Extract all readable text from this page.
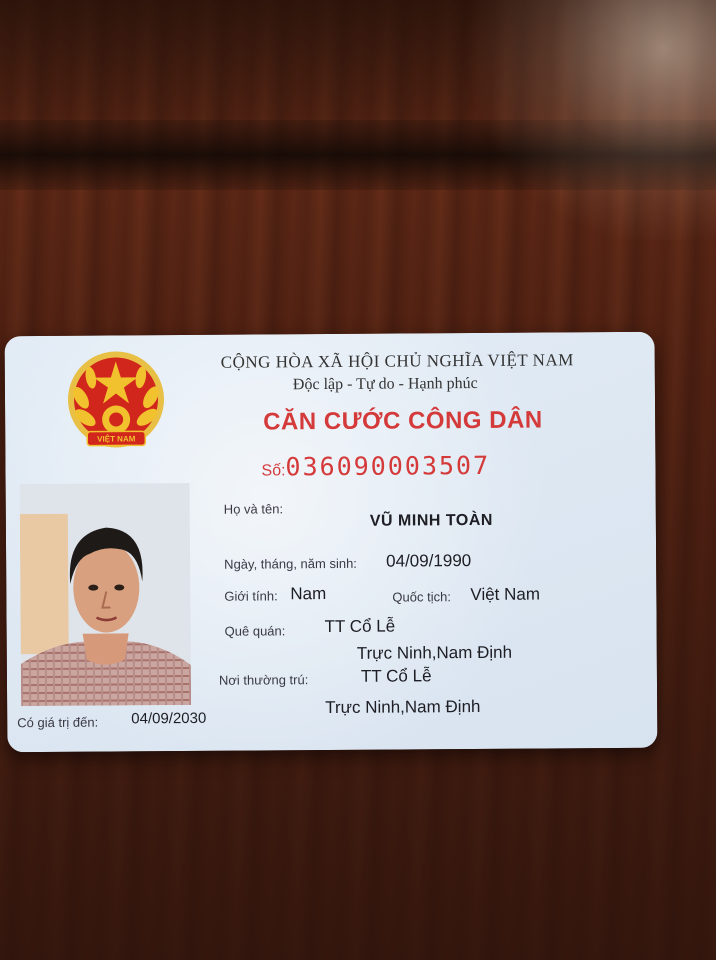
VIỆT NAM
CỘNG HÒA XÃ HỘI CHỦ NGHĨA VIỆT NAM
Độc lập - Tự do - Hạnh phúc
CĂN CƯỚC CÔNG DÂN
Số:036090003507
Họ và tên:
VŨ MINH TOÀN
Ngày, tháng, năm sinh: 04/09/1990
Giới tính: Nam	Quốc tịch: Việt Nam
Quê quán: TT Cổ Lễ
Trực Ninh,Nam Định
Nơi thường trú:	TT Cổ Lễ
Trực Ninh,Nam Định
Có giá trị đến: 04/09/2030
